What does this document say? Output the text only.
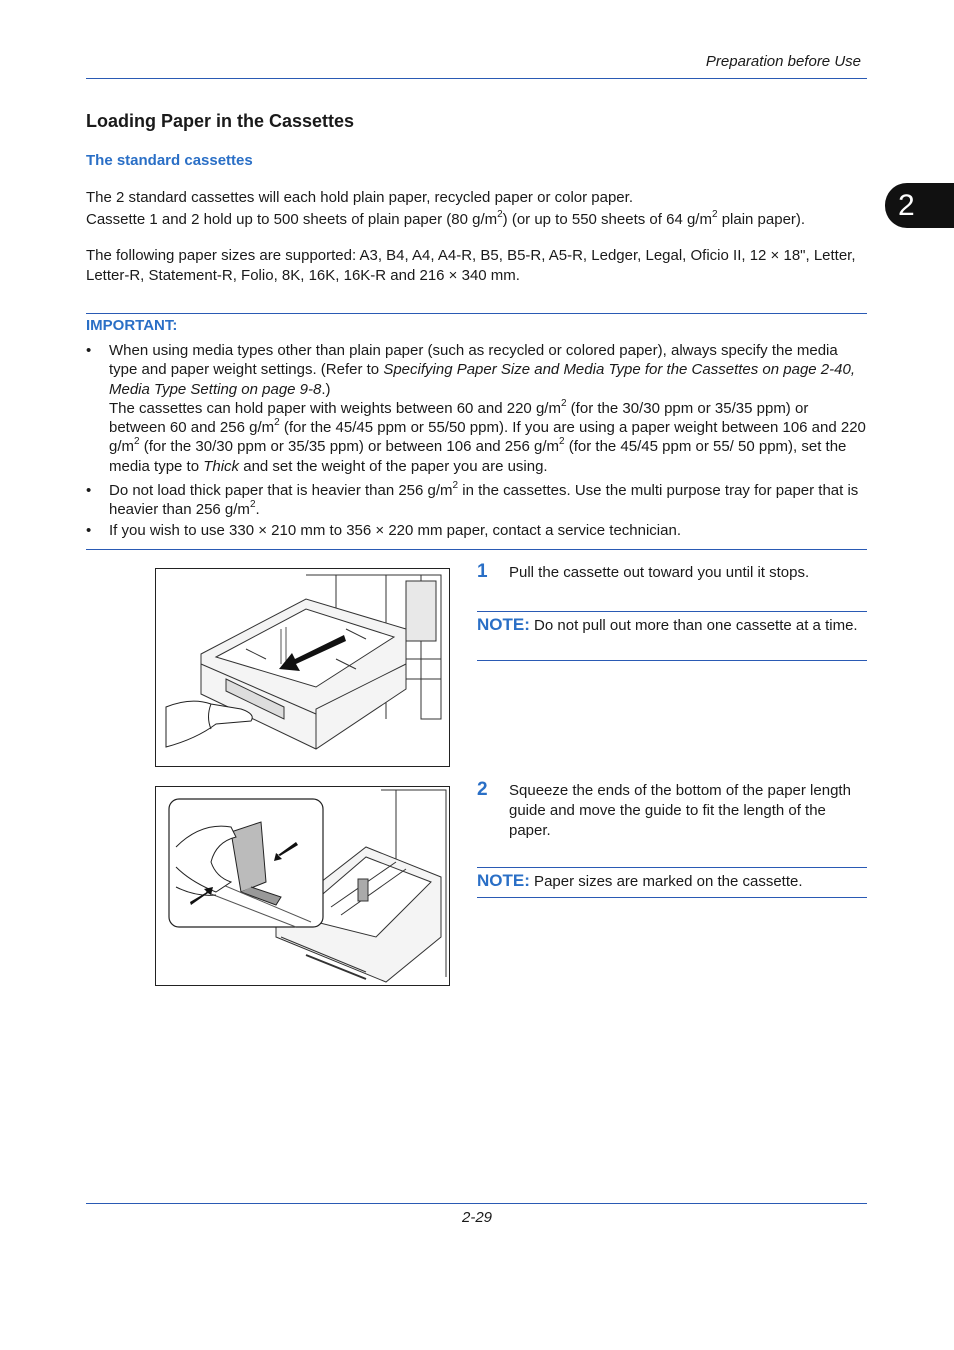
Preparation before Use
2
Loading Paper in the Cassettes
The standard cassettes
The 2 standard cassettes will each hold plain paper, recycled paper or color paper.
Cassette 1 and 2 hold up to 500 sheets of plain paper (80 $g/m^2$) (or up to 550 sheets of 64 $g/m^2$ plain paper).
The following paper sizes are supported: A3, B4, A4, A4-R, B5, B5-R, A5-R, Ledger, Legal, Oficio II, 12 × 18", Letter, Letter-R, Statement-R, Folio, 8K, 16K, 16K-R and 216 × 340 mm.
IMPORTANT:
•	When using media types other than plain paper (such as recycled or colored paper), always specify the media type and paper weight settings. (Refer to Specifying Paper Size and Media Type for the Cassettes on page 2-40, Media Type Setting on page 9-8.)
The cassettes can hold paper with weights between 60 and 220 $g/m^2$ (for the 30/30 ppm or 35/35 ppm) or between 60 and 256 $g/m^2$ (for the 45/45 ppm or 55/50 ppm). If you are using a paper weight between 106 and 220 $g/m^2$ (for the 30/30 ppm or 35/35 ppm) or between 106 and 256 $g/m^2$ (for the 45/45 ppm or 55/ 50 ppm), set the media type to Thick and set the weight of the paper you are using.
•	Do not load thick paper that is heavier than 256 $g/m^2$ in the cassettes. Use the multi purpose tray for paper that is heavier than 256 $g/m^2$.
•	If you wish to use 330 × 210 mm to 356 × 220 mm paper, contact a service technician.
1 Pull the cassette out toward you until it stops.
NOTE: Do not pull out more than one cassette at a time.
2 Squeeze the ends of the bottom of the paper length guide and move the guide to fit the length of the paper.
NOTE: Paper sizes are marked on the cassette.
2-29
